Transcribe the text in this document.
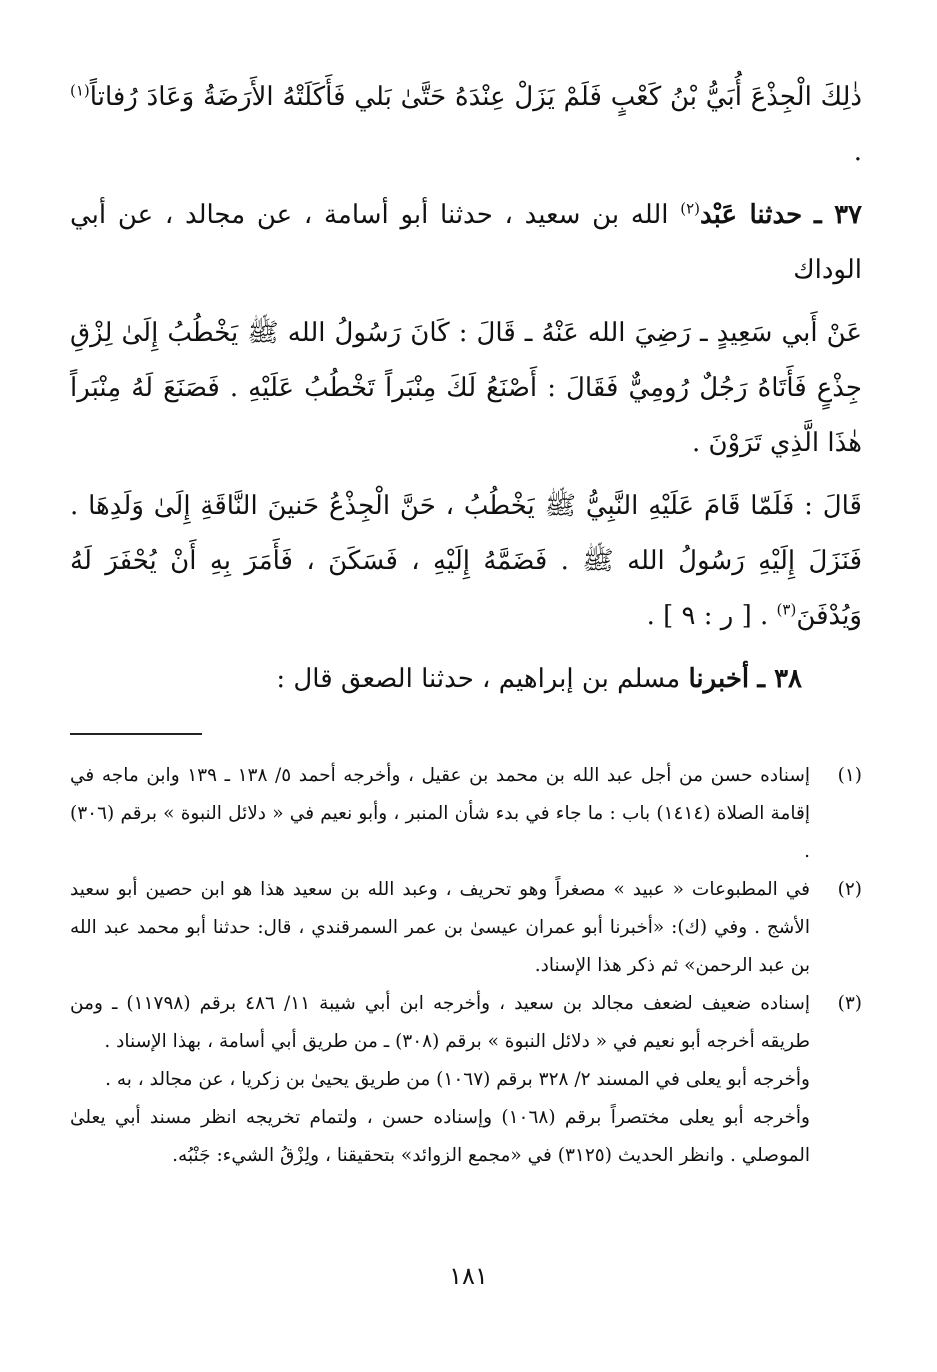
ذٰلِكَ الْجِذْعَ أُبَيُّ بْنُ كَعْبٍ فَلَمْ يَزَلْ عِنْدَهُ حَتَّىٰ بَلي فَأَكَلَتْهُ الأَرَضَةُ وَعَادَ رُفاتاً$^{(١)}$ .

٣٧ ـ حدثنا عَبْد$^{(٢)}$ الله بن سعيد ، حدثنا أبو أسامة ، عن مجالد ، عن أبي الوداك

عَنْ أَبي سَعِيدٍ ـ رَضِيَ الله عَنْهُ ـ قَالَ : كَانَ رَسُولُ الله ﷺ يَخْطُبُ إِلَىٰ لِزْقِ جِذْعٍ فَأَتَاهُ رَجُلٌ رُومِيٌّ فَقَالَ : أَصْنَعُ لَكَ مِنْبَراً تَخْطُبُ عَلَيْهِ . فَصَنَعَ لَهُ مِنْبَراً هٰذَا الَّذِي تَرَوْنَ .

قَالَ : فَلَمّا قَامَ عَلَيْهِ النَّبِيُّ ﷺ يَخْطُبُ ، حَنَّ الْجِذْعُ حَنينَ النَّاقَةِ إِلَىٰ وَلَدِهَا . فَنَزَلَ إِلَيْهِ رَسُولُ الله ﷺ . فَضَمَّهُ إِلَيْهِ ، فَسَكَنَ ، فَأَمَرَ بِهِ أَنْ يُحْفَرَ لَهُ وَيُدْفَنَ$^{(٣)}$ . [ ر : ٩ ] .

٣٨ ـ أخبرنا مسلم بن إبراهيم ، حدثنا الصعق قال :

(١)
إسناده حسن من أجل عبد الله بن محمد بن عقيل ، وأخرجه أحمد ٥/ ١٣٨ ـ ١٣٩ وابن ماجه في إقامة الصلاة (١٤١٤) باب : ما جاء في بدء شأن المنبر ، وأبو نعيم في « دلائل النبوة » برقم (٣٠٦) .
(٢)
في المطبوعات « عبيد » مصغراً وهو تحريف ، وعبد الله بن سعيد هذا هو ابن حصين أبو سعيد الأشج . وفي (ك): «أخبرنا أبو عمران عيسىٰ بن عمر السمرقندي ، قال: حدثنا أبو محمد عبد الله بن عبد الرحمن» ثم ذكر هذا الإسناد.
(٣)
إسناده ضعيف لضعف مجالد بن سعيد ، وأخرجه ابن أبي شيبة ١١/ ٤٨٦ برقم (١١٧٩٨) ـ ومن طريقه أخرجه أبو نعيم في « دلائل النبوة » برقم (٣٠٨) ـ من طريق أبي أسامة ، بهذا الإسناد .
وأخرجه أبو يعلى في المسند ٢/ ٣٢٨ برقم (١٠٦٧) من طريق يحيىٰ بن زكريا ، عن مجالد ، به .
وأخرجه أبو يعلى مختصراً برقم (١٠٦٨) وإسناده حسن ، ولتمام تخريجه انظر مسند أبي يعلىٰ الموصلي . وانظر الحديث (٣١٢٥) في «مجمع الزوائد» بتحقيقنا ، ولِزْقُ الشيء: جَنْبُه.
١٨١
